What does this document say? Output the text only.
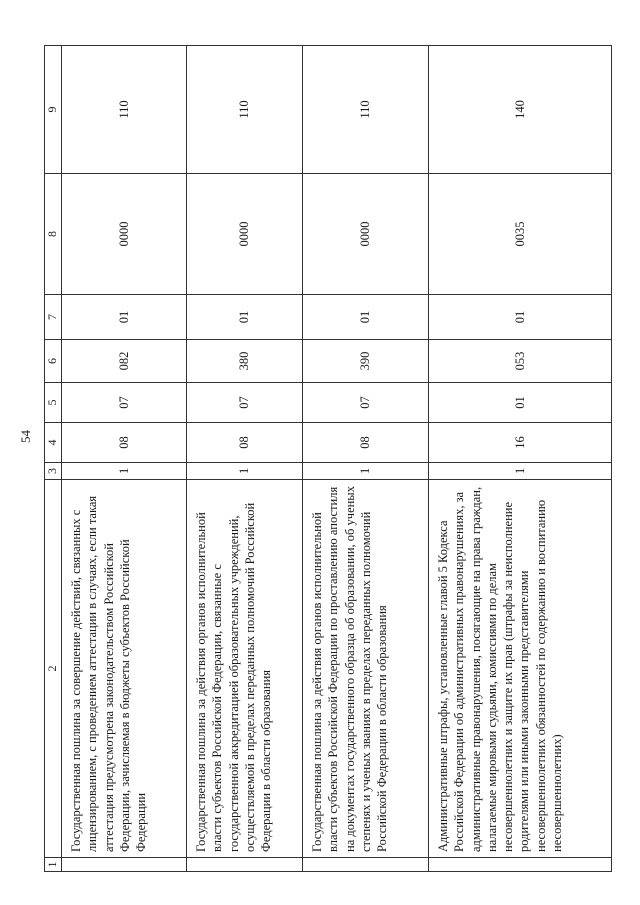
54
1	2	3	4	5	6	7	8	9
	Государственная пошлина за совершение действий, связанных с лицензированием, с проведением аттестации в случаях, если такая аттестация предусмотрена законодательством Российской Федерации, зачисляемая в бюджеты субъектов Российской Федерации	1	08	07	082	01	0000	110
	Государственная пошлина за действия органов исполнительной власти субъектов Российской Федерации, связанные с государственной аккредитацией образовательных учреждений, осуществляемой в пределах переданных полномочий Российской Федерации в области образования	1	08	07	380	01	0000	110
	Государственная пошлина за действия органов исполнительной власти субъектов Российской Федерации по проставлению апостиля на документах государственного образца об образовании, об ученых степенях и ученых званиях в пределах переданных полномочий Российской Федерации в области образования	1	08	07	390	01	0000	110
	Административные штрафы, установленные главой 5 Кодекса Российской Федерации об административных правонарушениях, за административные правонарушения, посягающие на права граждан, налагаемые мировыми судьями, комиссиями по делам несовершеннолетних и защите их прав (штрафы за неисполнение родителями или иными законными представителями несовершеннолетних обязанностей по содержанию и воспитанию несовершеннолетних)	1	16	01	053	01	0035	140
